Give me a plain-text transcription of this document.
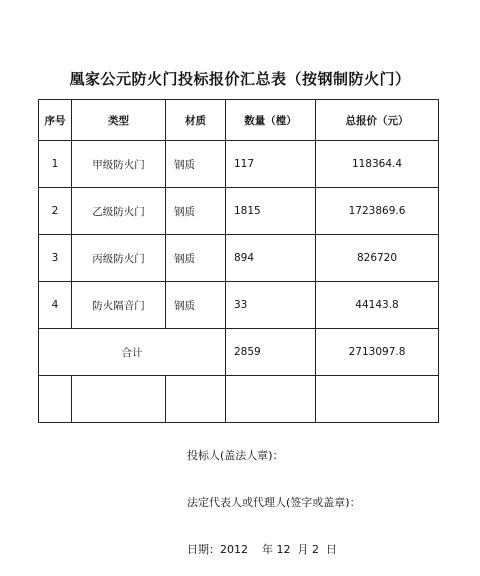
凰家公元防火门投标报价汇总表（按钢制防火门）
序号	类型	材质	数量（樘）	总报价（元）
1	甲级防火门	钢质	117	118364.4
2	乙级防火门	钢质	1815	1723869.6
3	丙级防火门	钢质	894	826720
4	防火隔音门	钢质	33	44143.8
合计			2859	2713097.8

投标人(盖法人章)：
法定代表人或代理人(签字或盖章)：
日期：2012    年 12  月 2  日
